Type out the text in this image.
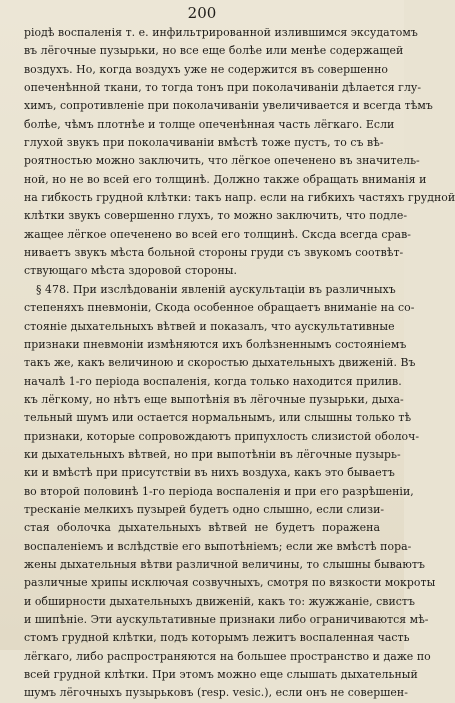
200
ріодѣ воспаленія т. е. инфильтрированной излившимся эксудатомъ
въ лёгочные пузырьки, но все еще болѣе или менѣе содержащей
воздухъ. Но, когда воздухъ уже не содержится въ совершенно
опеченѣнной ткани, то тогда тонъ при поколачиваніи дѣлается глу-
химъ, сопротивленіе при поколачиваніи увеличивается и всегда тѣмъ
болѣе, чѣмъ плотнѣе и толще опеченѣнная часть лёгкаго. Если
глухой звукъ при поколачиваніи вмѣстѣ тоже пустъ, то съ вѣ-
роятностью можно заключить, что лёгкое опеченено въ значитель-
ной, но не во всей его толщинѣ. Должно также обращать вниманія и
на гибкость грудной клѣтки: такъ напр. если на гибкихъ частяхъ грудной
клѣтки звукъ совершенно глухъ, то можно заключить, что подле-
жащее лёгкое опеченено во всей его толщинѣ. Сксда всегда срав-
ниваетъ звукъ мѣста больной стороны груди съ звукомъ соотвѣт-
ствующаго мѣста здоровой стороны.
§ 478. При изслѣдованіи явленій аускультаціи въ различныхъ
степеняхъ пневмоніи, Скода особенное обращаетъ вниманіе на со-
стояніе дыхательныхъ вѣтвей и показалъ, что аускультативные
признаки пневмоніи измѣняются ихъ болѣзненнымъ состояніемъ
такъ же, какъ величиною и скоростью дыхательныхъ движеній. Въ
началѣ 1-го періода воспаленія, когда только находится прилив.
къ лёгкому, но нѣтъ еще выпотѣнія въ лёгочные пузырьки, дыха-
тельный шумъ или остается нормальнымъ, или слышны только тѣ
признаки, которые сопровождаютъ припухлость слизистой оболоч-
ки дыхательныхъ вѣтвей, но при выпотѣніи въ лёгочные пузырь-
ки и вмѣстѣ при присутствіи въ нихъ воздуха, какъ это бываетъ
во второй половинѣ 1-го періода воспаленія и при его разрѣшеніи,
тресканіе мелкихъ пузырей будетъ одно слышно, если слизи-
стая оболочка дыхательныхъ вѣтвей не будетъ поражена
воспаленіемъ и вслѣдствіе его выпотѣніемъ; если же вмѣстѣ пора-
жены дыхательныя вѣтви различной величины, то слышны бываютъ
различные хрипы исключая созвучныхъ, смотря по вязкости мокроты
и обширности дыхательныхъ движеній, какъ то: жужжаніе, свистъ
и шипѣніе. Эти аускультативные признаки либо ограничиваются мѣ-
стомъ грудной клѣтки, подъ которымъ лежитъ воспаленная часть
лёгкаго, либо распространяются на большее пространство и даже по
всей грудной клѣтки. При этомъ можно еще слышать дыхательный
шумъ лёгочныхъ пузырьковъ (resp. vesic.), если онъ не совершен-
